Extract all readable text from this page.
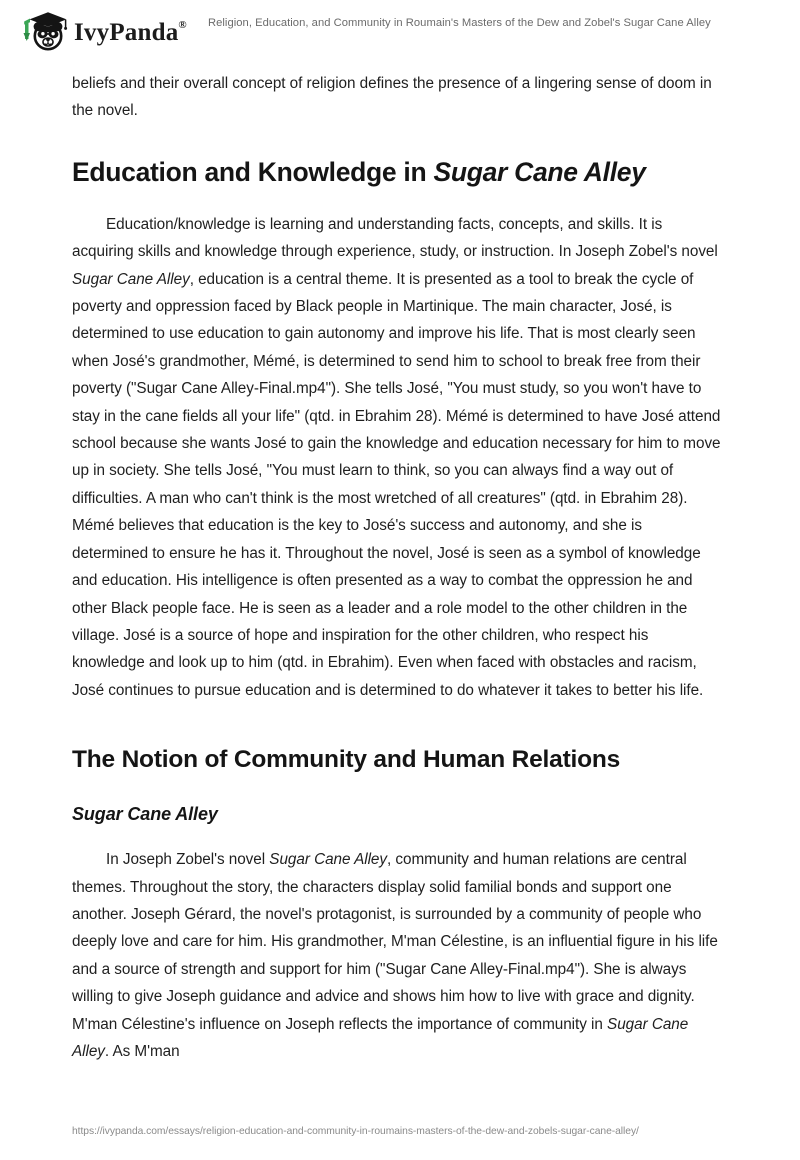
IvyPanda® Religion, Education, and Community in Roumain's Masters of the Dew and Zobel's Sugar Cane Alley

beliefs and their overall concept of religion defines the presence of a lingering sense of doom in the novel.

Education and Knowledge in Sugar Cane Alley

Education/knowledge is learning and understanding facts, concepts, and skills. It is acquiring skills and knowledge through experience, study, or instruction. In Joseph Zobel's novel Sugar Cane Alley, education is a central theme. It is presented as a tool to break the cycle of poverty and oppression faced by Black people in Martinique. The main character, José, is determined to use education to gain autonomy and improve his life. That is most clearly seen when José's grandmother, Mémé, is determined to send him to school to break free from their poverty ("Sugar Cane Alley-Final.mp4"). She tells José, "You must study, so you won't have to stay in the cane fields all your life" (qtd. in Ebrahim 28). Mémé is determined to have José attend school because she wants José to gain the knowledge and education necessary for him to move up in society. She tells José, "You must learn to think, so you can always find a way out of difficulties. A man who can't think is the most wretched of all creatures" (qtd. in Ebrahim 28). Mémé believes that education is the key to José's success and autonomy, and she is determined to ensure he has it. Throughout the novel, José is seen as a symbol of knowledge and education. His intelligence is often presented as a way to combat the oppression he and other Black people face. He is seen as a leader and a role model to the other children in the village. José is a source of hope and inspiration for the other children, who respect his knowledge and look up to him (qtd. in Ebrahim). Even when faced with obstacles and racism, José continues to pursue education and is determined to do whatever it takes to better his life.

The Notion of Community and Human Relations
Sugar Cane Alley

In Joseph Zobel's novel Sugar Cane Alley, community and human relations are central themes. Throughout the story, the characters display solid familial bonds and support one another. Joseph Gérard, the novel's protagonist, is surrounded by a community of people who deeply love and care for him. His grandmother, M'man Célestine, is an influential figure in his life and a source of strength and support for him ("Sugar Cane Alley-Final.mp4"). She is always willing to give Joseph guidance and advice and shows him how to live with grace and dignity. M'man Célestine's influence on Joseph reflects the importance of community in Sugar Cane Alley. As M'man

https://ivypanda.com/essays/religion-education-and-community-in-roumains-masters-of-the-dew-and-zobels-sugar-cane-alley/
